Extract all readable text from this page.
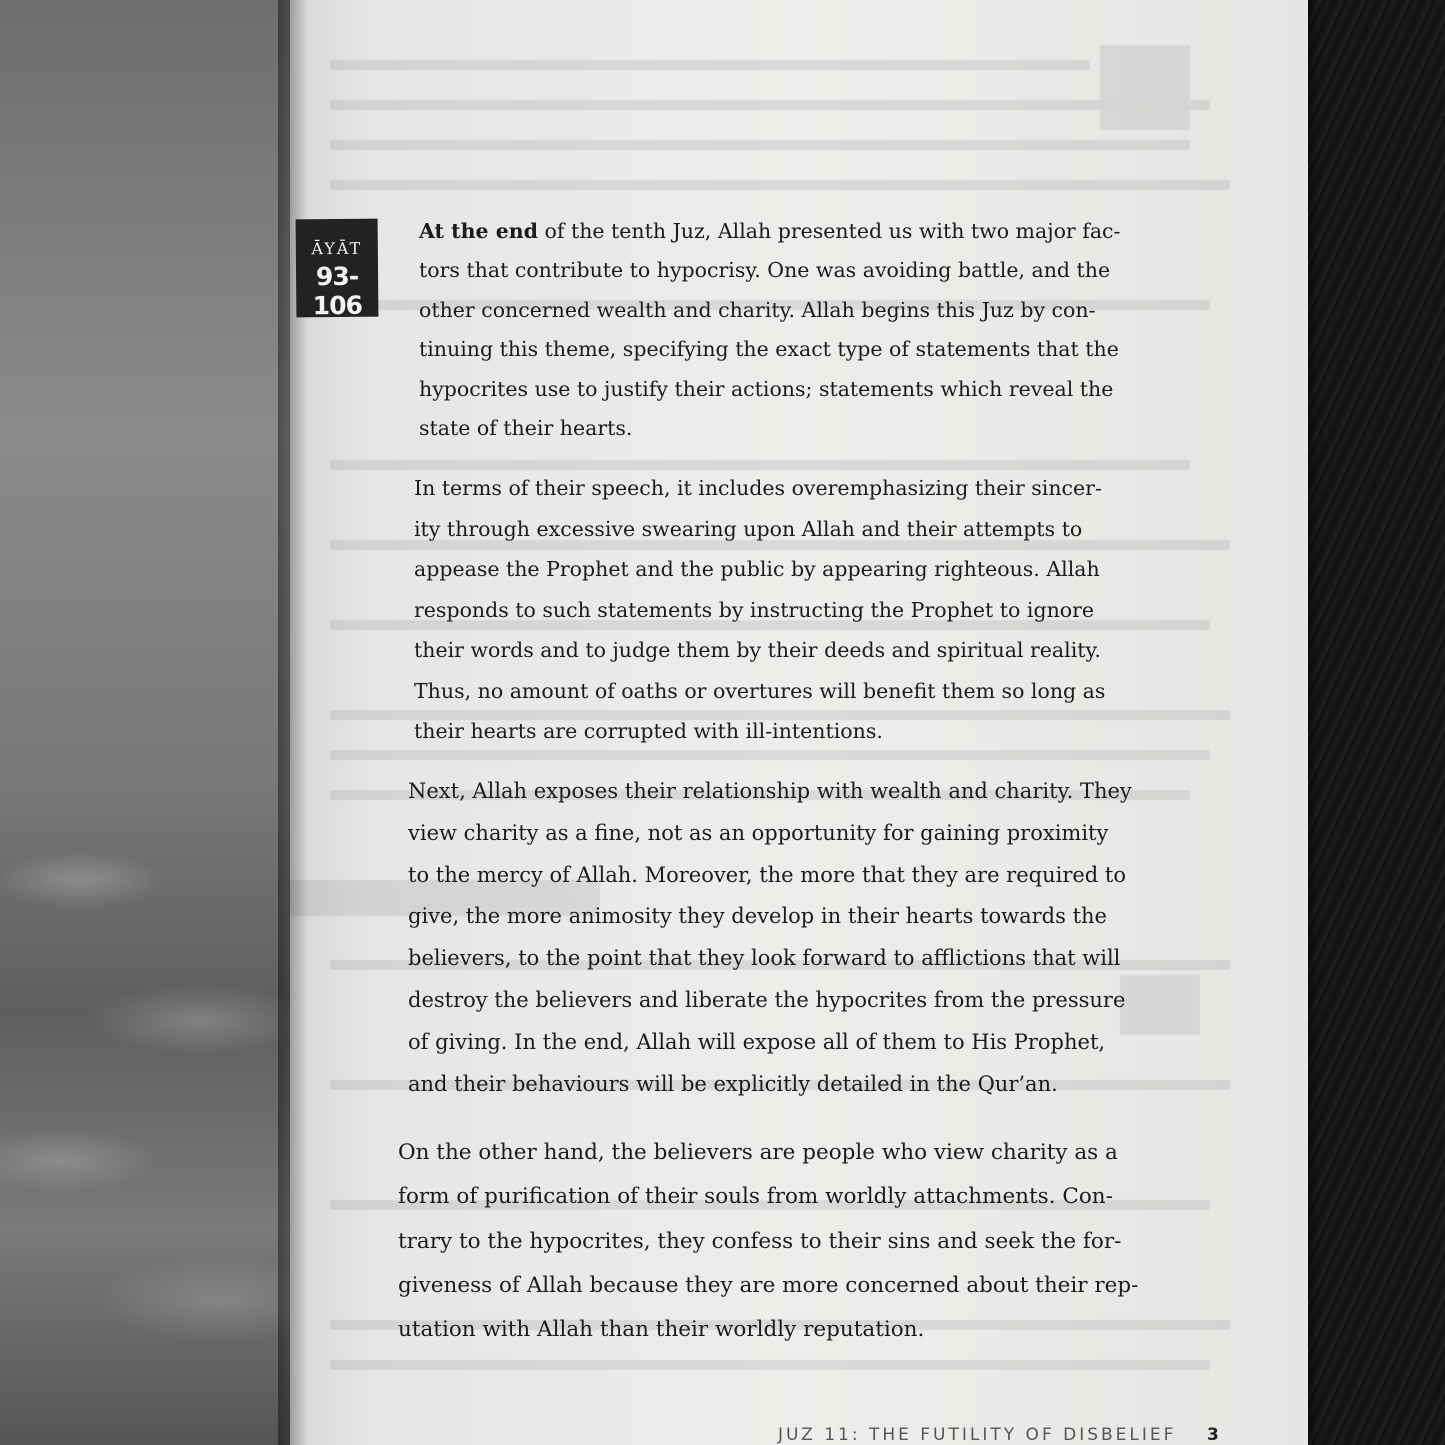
ĀYĀT
93-106
At the end of the tenth Juz, Allah presented us with two major fac-
tors that contribute to hypocrisy. One was avoiding battle, and the
other concerned wealth and charity. Allah begins this Juz by con-
tinuing this theme, specifying the exact type of statements that the
hypocrites use to justify their actions; statements which reveal the
state of their hearts.
In terms of their speech, it includes overemphasizing their sincer-
ity through excessive swearing upon Allah and their attempts to
appease the Prophet and the public by appearing righteous. Allah
responds to such statements by instructing the Prophet to ignore
their words and to judge them by their deeds and spiritual reality.
Thus, no amount of oaths or overtures will benefit them so long as
their hearts are corrupted with ill-intentions.
Next, Allah exposes their relationship with wealth and charity. They
view charity as a fine, not as an opportunity for gaining proximity
to the mercy of Allah. Moreover, the more that they are required to
give, the more animosity they develop in their hearts towards the
believers, to the point that they look forward to afflictions that will
destroy the believers and liberate the hypocrites from the pressure
of giving. In the end, Allah will expose all of them to His Prophet,
and their behaviours will be explicitly detailed in the Qur’an.
On the other hand, the believers are people who view charity as a
form of purification of their souls from worldly attachments. Con-
trary to the hypocrites, they confess to their sins and seek the for-
giveness of Allah because they are more concerned about their rep-
utation with Allah than their worldly reputation.
JUZ 11: THE FUTILITY OF DISBELIEF 3
